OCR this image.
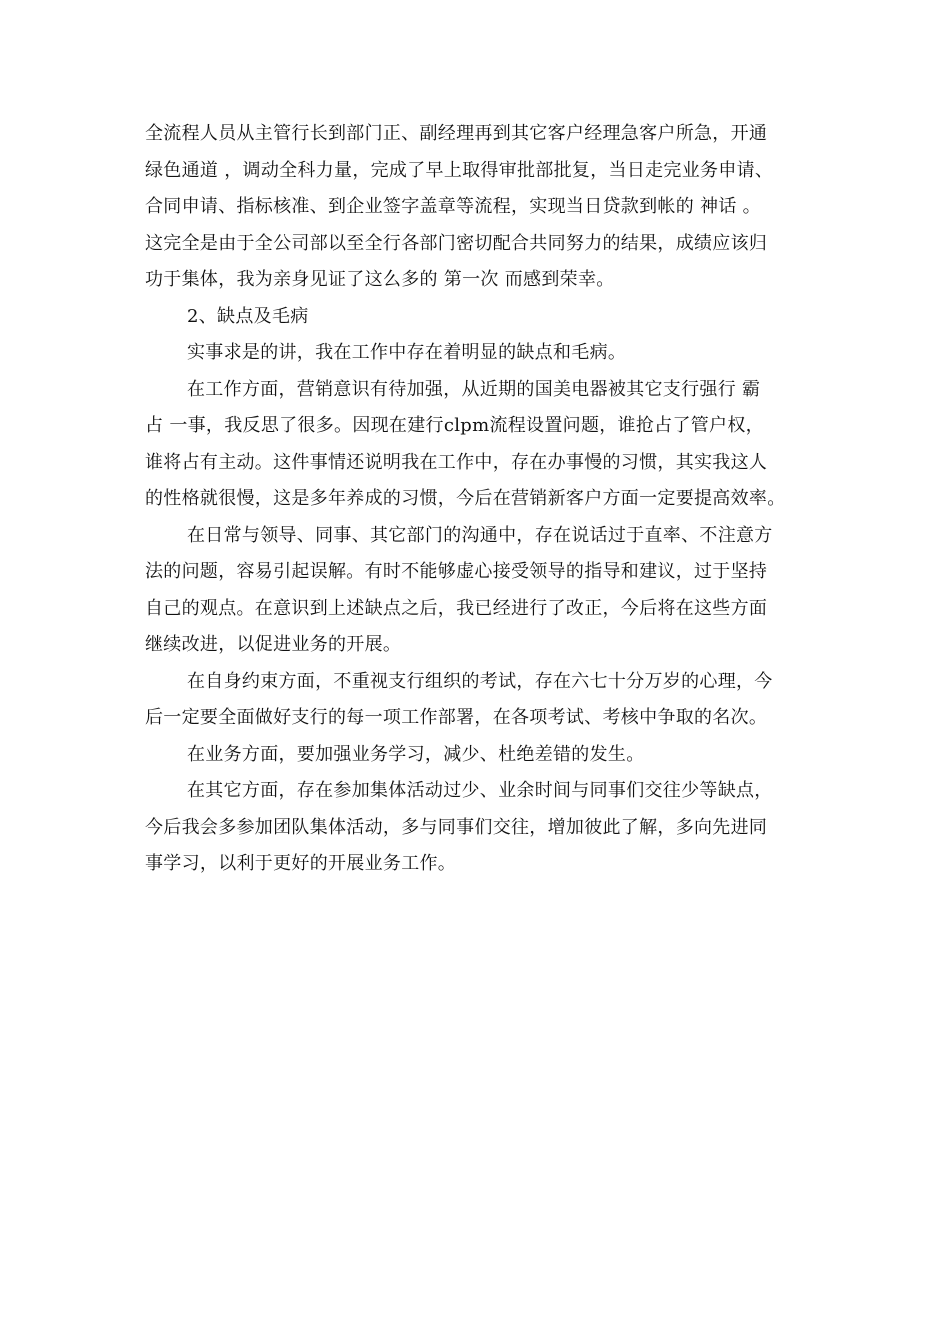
全流程人员从主管行长到部门正、副经理再到其它客户经理急客户所急，开通
绿色通道 ，调动全科力量，完成了早上取得审批部批复，当日走完业务申请、
合同申请、指标核准、到企业签字盖章等流程，实现当日贷款到帐的 神话 。
这完全是由于全公司部以至全行各部门密切配合共同努力的结果，成绩应该归
功于集体，我为亲身见证了这么多的 第一次 而感到荣幸。
2、缺点及毛病
实事求是的讲，我在工作中存在着明显的缺点和毛病。
在工作方面，营销意识有待加强，从近期的国美电器被其它支行强行 霸
占 一事，我反思了很多。因现在建行clpm流程设置问题，谁抢占了管户权，
谁将占有主动。这件事情还说明我在工作中，存在办事慢的习惯，其实我这人
的性格就很慢，这是多年养成的习惯，今后在营销新客户方面一定要提高效率。
在日常与领导、同事、其它部门的沟通中，存在说话过于直率、不注意方
法的问题，容易引起误解。有时不能够虚心接受领导的指导和建议，过于坚持
自己的观点。在意识到上述缺点之后，我已经进行了改正，今后将在这些方面
继续改进，以促进业务的开展。
在自身约束方面，不重视支行组织的考试，存在六七十分万岁的心理，今
后一定要全面做好支行的每一项工作部署，在各项考试、考核中争取的名次。
在业务方面，要加强业务学习，减少、杜绝差错的发生。
在其它方面，存在参加集体活动过少、业余时间与同事们交往少等缺点，
今后我会多参加团队集体活动，多与同事们交往，增加彼此了解，多向先进同
事学习，以利于更好的开展业务工作。
